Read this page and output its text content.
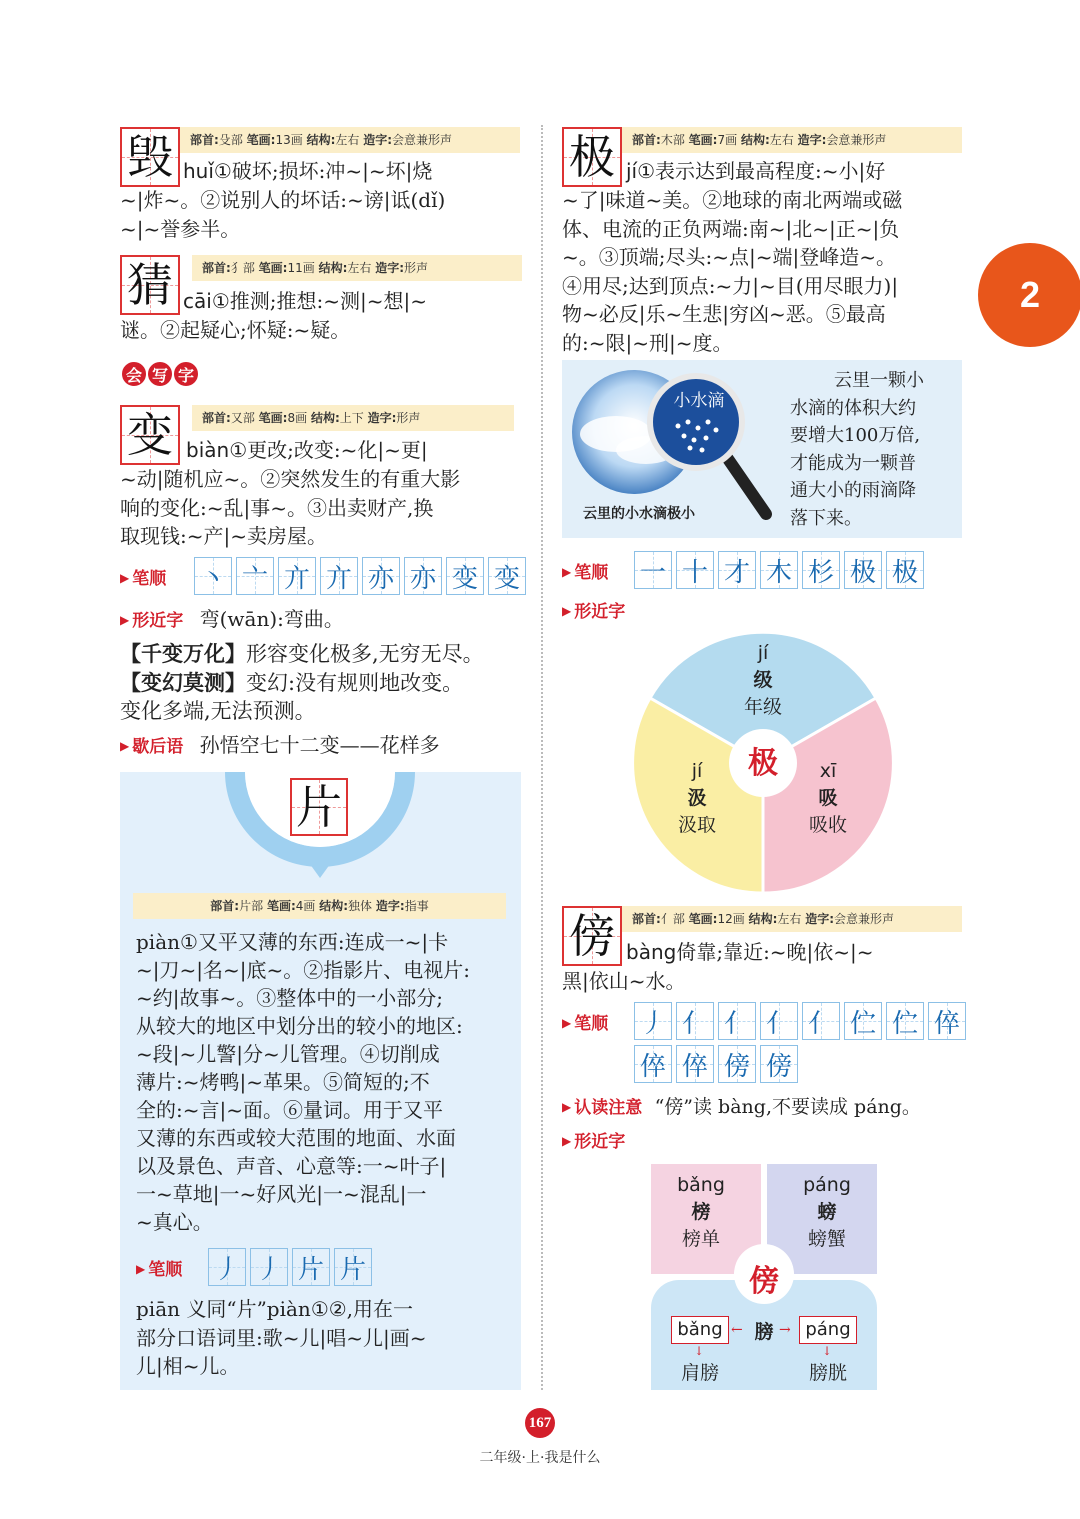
2
毁	部首:殳部 笔画:13画 结构:左右 造字:会意兼形声
huǐ①破坏;损坏:冲~|~坏|烧
~|炸~。②说别人的坏话:~谤|诋(dǐ)
~|~誉参半。
猜	部首:犭部 笔画:11画 结构:左右 造字:形声
cāi①推测;推想:~测|~想|~
谜。②起疑心;怀疑:~疑。
会 写 字
变	部首:又部 笔画:8画 结构:上下 造字:形声
biàn①更改;改变:~化|~更|
~动|随机应~。②突然发生的有重大影
响的变化:~乱|事~。③出卖财产,换
取现钱:~产|~卖房屋。
▶ 笔顺	丶 亠 亣 亣 亦 亦 变 变
▶ 形近字 弯(wān):弯曲。
【千变万化】形容变化极多,无穷无尽。
【变幻莫测】变幻:没有规则地改变。
变化多端,无法预测。
▶ 歇后语 孙悟空七十二变——花样多
片
部首:片部 笔画:4画 结构:独体 造字:指事
piàn①又平又薄的东西:连成一~|卡
~|刀~|名~|底~。②指影片、电视片:
~约|故事~。③整体中的一小部分;
从较大的地区中划分出的较小的地区:
~段|~儿警|分~儿管理。④切削成
薄片:~烤鸭|~革果。⑤简短的;不
全的:~言|~面。⑥量词。用于又平
又薄的东西或较大范围的地面、水面
以及景色、声音、心意等:一~叶子|
一~草地|一~好风光|一~混乱|一
~真心。
▶ 笔顺	丿 丿 片 片
piān 义同“片”piàn①②,用在一
部分口语词里:歌~儿|唱~儿|画~
儿|相~儿。
极	部首:木部 笔画:7画 结构:左右 造字:会意兼形声
jí①表示达到最高程度:~小|好
~了|味道~美。②地球的南北两端或磁
体、电流的正负两端:南~|北~|正~|负
~。③顶端;尽头:~点|~端|登峰造~。
④用尽;达到顶点:~力|~目(用尽眼力)|
物~必反|乐~生悲|穷凶~恶。⑤最高
的:~限|~刑|~度。
小水滴
云里的小水滴极小
云里一颗小
水滴的体积大约
要增大100万倍,
才能成为一颗普
通大小的雨滴降
落下来。
▶ 笔顺	一 十 才 木 杉 极 极
▶ 形近字
极
jí
级
年级
jí
汲
汲取
xī
吸
吸收
傍	部首:亻部 笔画:12画 结构:左右 造字:会意兼形声
bàng倚靠;靠近:~晚|依~|~
黑|依山~水。
▶ 笔顺	丿 亻 亻 亻 亻 伫 伫 倅
倅 倅 傍 傍
▶ 认读注意 “傍”读 bàng,不要读成 páng。
▶ 形近字
bǎng
榜
榜单
páng
螃
螃蟹
傍
bǎng	膀
←	→ páng
↓	↓
肩膀	膀胱
167
二年级·上·我是什么
